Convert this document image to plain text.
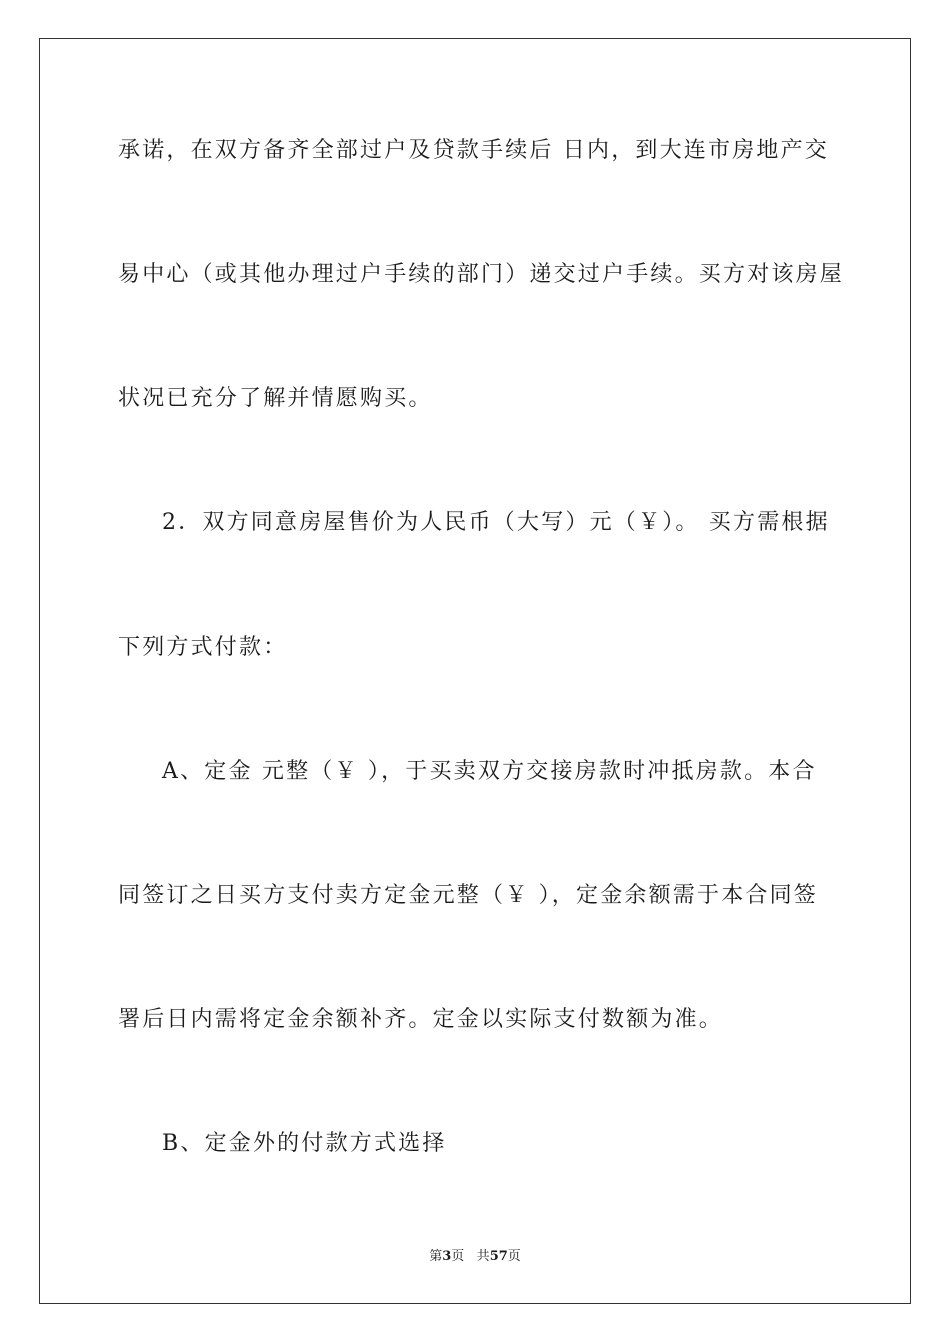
承诺，在双方备齐全部过户及贷款手续后 日内，到大连市房地产交
易中心（或其他办理过户手续的部门）递交过户手续。买方对该房屋
状况已充分了解并情愿购买。
2．双方同意房屋售价为人民币（大写）元（￥）。 买方需根据
下列方式付款：
A、定金 元整（￥ ），于买卖双方交接房款时冲抵房款。本合
同签订之日买方支付卖方定金元整（￥ ），定金余额需于本合同签
署后日内需将定金余额补齐。定金以实际支付数额为准。
B、定金外的付款方式选择
第3页 共57页
